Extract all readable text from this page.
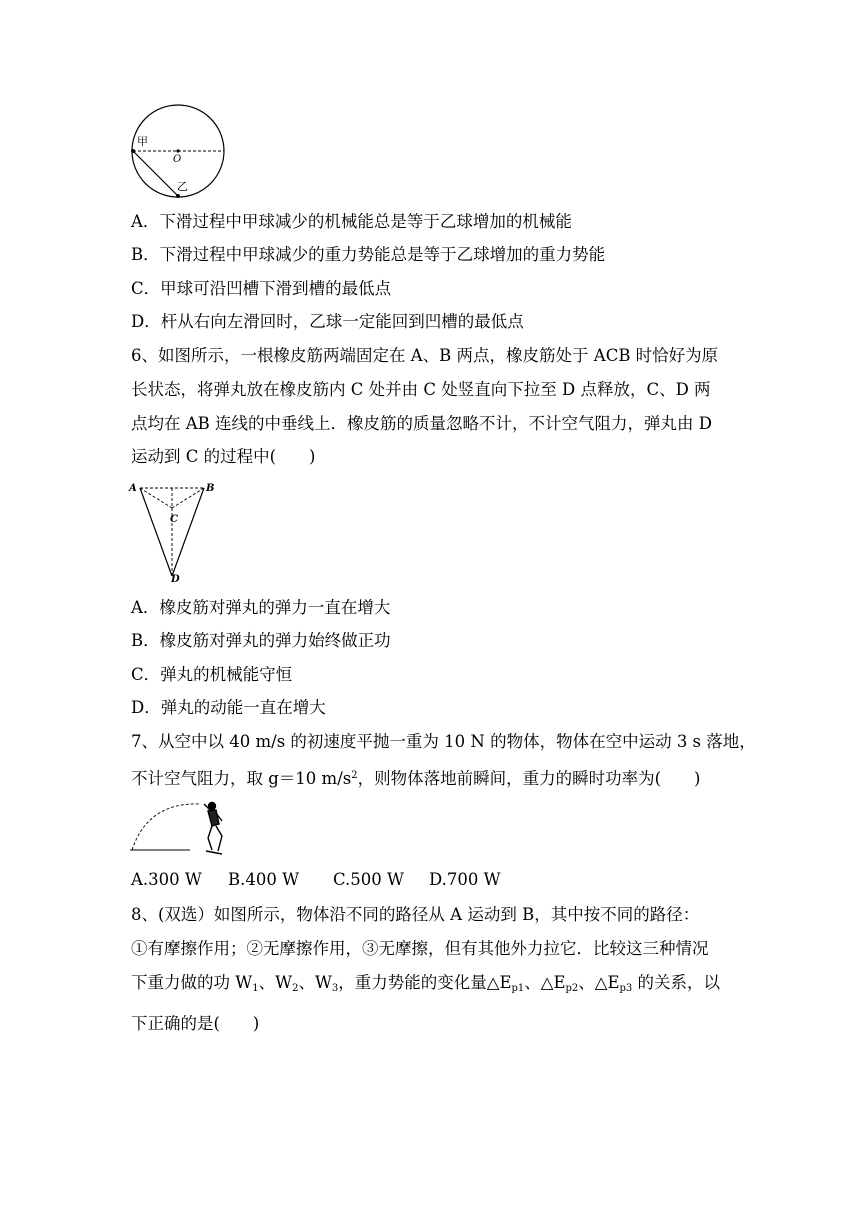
甲
O
乙
A．下滑过程中甲球减少的机械能总是等于乙球增加的机械能
B．下滑过程中甲球减少的重力势能总是等于乙球增加的重力势能
C．甲球可沿凹槽下滑到槽的最低点
D．杆从右向左滑回时，乙球一定能回到凹槽的最低点
6、如图所示，一根橡皮筋两端固定在 A、B 两点，橡皮筋处于 ACB 时恰好为原
长状态，将弹丸放在橡皮筋内 C 处并由 C 处竖直向下拉至 D 点释放，C、D 两
点均在 AB 连线的中垂线上．橡皮筋的质量忽略不计，不计空气阻力，弹丸由 D
运动到 C 的过程中(　　)
A	B
C
D
A．橡皮筋对弹丸的弹力一直在增大
B．橡皮筋对弹丸的弹力始终做正功
C．弹丸的机械能守恒
D．弹丸的动能一直在增大
7、从空中以 40 m/s 的初速度平抛一重为 10 N 的物体，物体在空中运动 3 s 落地，
不计空气阻力，取 g＝10 $m/s^2$，则物体落地前瞬间，重力的瞬时功率为(　　)
A.300 W B.400 W C.500 W D.700 W
8、(双选）如图所示，物体沿不同的路径从 A 运动到 B，其中按不同的路径：
①有摩擦作用；②无摩擦作用，③无摩擦，但有其他外力拉它．比较这三种情况
下重力做的功 $W_1$、$W_2$、$W_3$，重力势能的变化量$\triangle E_{p1}$、$\triangle E_{p2}$、$\triangle E_{p3}$ 的关系，以
下正确的是(　　)
